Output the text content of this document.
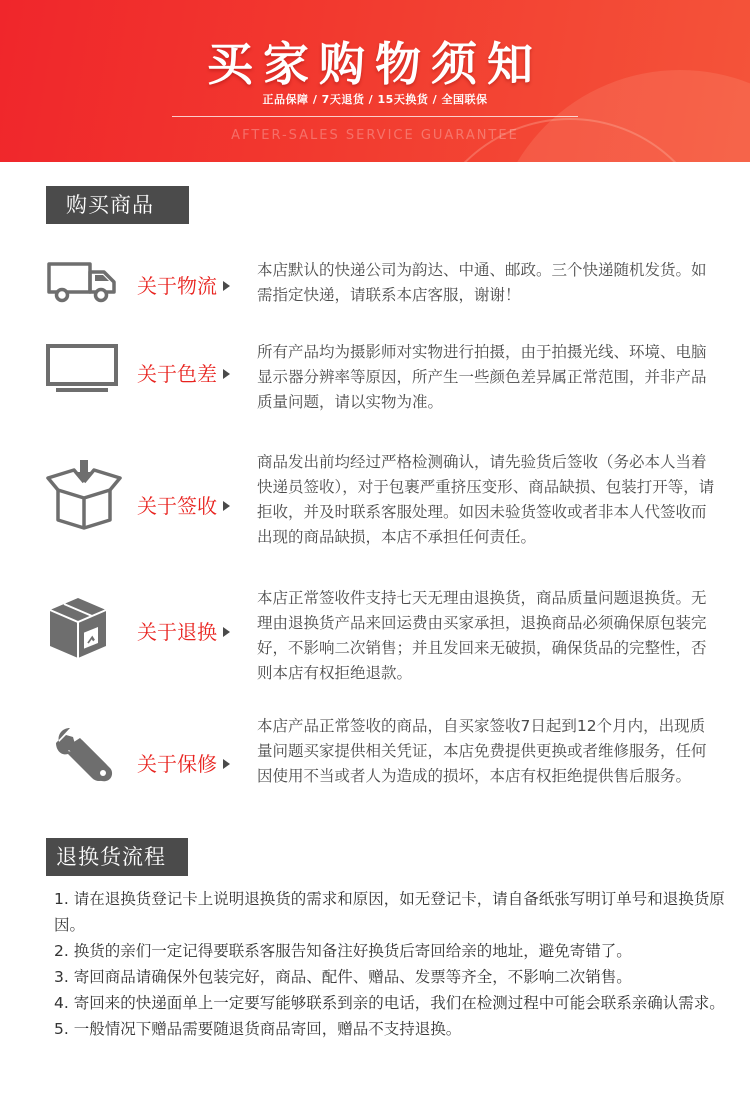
买家购物须知
正品保障 / 7天退货 / 15天换货 / 全国联保
AFTER-SALES SERVICE GUARANTEE
购买商品
关于物流
本店默认的快递公司为韵达、中通、邮政。三个快递随机发货。如需指定快递，请联系本店客服，谢谢！
关于色差
所有产品均为摄影师对实物进行拍摄，由于拍摄光线、环境、电脑显示器分辨率等原因，所产生一些颜色差异属正常范围，并非产品质量问题，请以实物为准。
关于签收
商品发出前均经过严格检测确认，请先验货后签收（务必本人当着快递员签收），对于包裹严重挤压变形、商品缺损、包装打开等，请拒收，并及时联系客服处理。如因未验货签收或者非本人代签收而出现的商品缺损，本店不承担任何责任。
关于退换
本店正常签收件支持七天无理由退换货，商品质量问题退换货。无理由退换货产品来回运费由买家承担，退换商品必须确保原包装完好，不影响二次销售；并且发回来无破损，确保货品的完整性，否则本店有权拒绝退款。
关于保修
本店产品正常签收的商品，自买家签收7日起到12个月内，出现质量问题买家提供相关凭证，本店免费提供更换或者维修服务，任何因使用不当或者人为造成的损坏，本店有权拒绝提供售后服务。
退换货流程
1. 请在退换货登记卡上说明退换货的需求和原因，如无登记卡，请自备纸张写明订单号和退换货原因。
2. 换货的亲们一定记得要联系客服告知备注好换货后寄回给亲的地址，避免寄错了。
3. 寄回商品请确保外包装完好，商品、配件、赠品、发票等齐全，不影响二次销售。
4. 寄回来的快递面单上一定要写能够联系到亲的电话，我们在检测过程中可能会联系亲确认需求。
5. 一般情况下赠品需要随退货商品寄回，赠品不支持退换。
